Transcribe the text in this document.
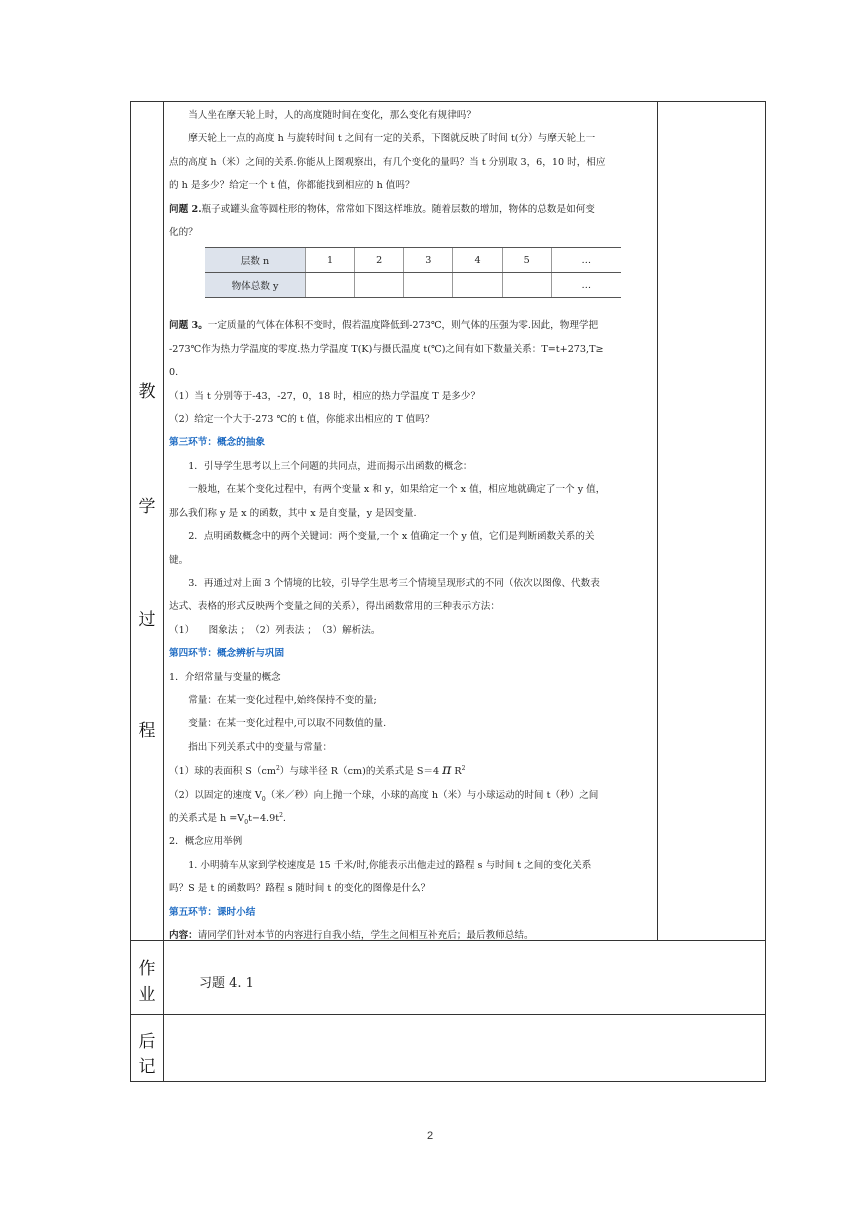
教
学
过
程
作
业
后
记

当人坐在摩天轮上时，人的高度随时间在变化，那么变化有规律吗？

摩天轮上一点的高度 h 与旋转时间 t 之间有一定的关系，下图就反映了时间 t(分）与摩天轮上一

点的高度 h（米）之间的关系.你能从上图观察出，有几个变化的量吗？当 t 分别取 3，6，10 时，相应

的 h 是多少？给定一个 t 值，你都能找到相应的 h 值吗？

问题 2.瓶子或罐头盒等圆柱形的物体，常常如下图这样堆放。随着层数的增加，物体的总数是如何变

化的？

问题 3。一定质量的气体在体积不变时，假若温度降低到-273℃，则气体的压强为零.因此，物理学把

-273℃作为热力学温度的零度.热力学温度 T(K)与摄氏温度 t(℃)之间有如下数量关系：T=t+273,T≥

0.

（1）当 t 分别等于-43，-27，0，18 时，相应的热力学温度 T 是多少？

（2）给定一个大于-273 ℃的 t 值，你能求出相应的 T 值吗？

第三环节：概念的抽象

1．引导学生思考以上三个问题的共同点，进而揭示出函数的概念：

一般地，在某个变化过程中，有两个变量 x 和 y，如果给定一个 x 值，相应地就确定了一个 y 值，

那么我们称 y 是 x 的函数，其中 x 是自变量，y 是因变量.

2．点明函数概念中的两个关键词：两个变量,一个 x 值确定一个 y 值，它们是判断函数关系的关

键。

3．再通过对上面 3 个情境的比较，引导学生思考三个情境呈现形式的不同（依次以图像、代数表

达式、表格的形式反映两个变量之间的关系），得出函数常用的三种表示方法：

（1）　　图象法 ；　（2）列表法 ；　（3）解析法。

第四环节：概念辨析与巩固

1．介绍常量与变量的概念

常量：在某一变化过程中,始终保持不变的量;

变量：在某一变化过程中,可以取不同数值的量.

指出下列关系式中的变量与常量：

（1）球的表面积 $S(cm^2)$与球半径 R（cm)的关系式是 S＝4 π $R^2$

（2）以固定的速度 $V_0$（米／秒）向上抛一个球，小球的高度 h（米）与小球运动的时间 t（秒）之间

的关系式是 $h =V_0t-4.9t^2$.

2．概念应用举例

1. 小明骑车从家到学校速度是 15 千米/时,你能表示出他走过的路程 s 与时间 t 之间的变化关系

吗？S 是 t 的函数吗？路程 s 随时间 t 的变化的图像是什么？

第五环节：课时小结

内容：请同学们针对本节的内容进行自我小结，学生之间相互补充后；最后教师总结。

层数 n	1	2	3	4	5	…
物体总数 y						…
习题 4. 1
2
